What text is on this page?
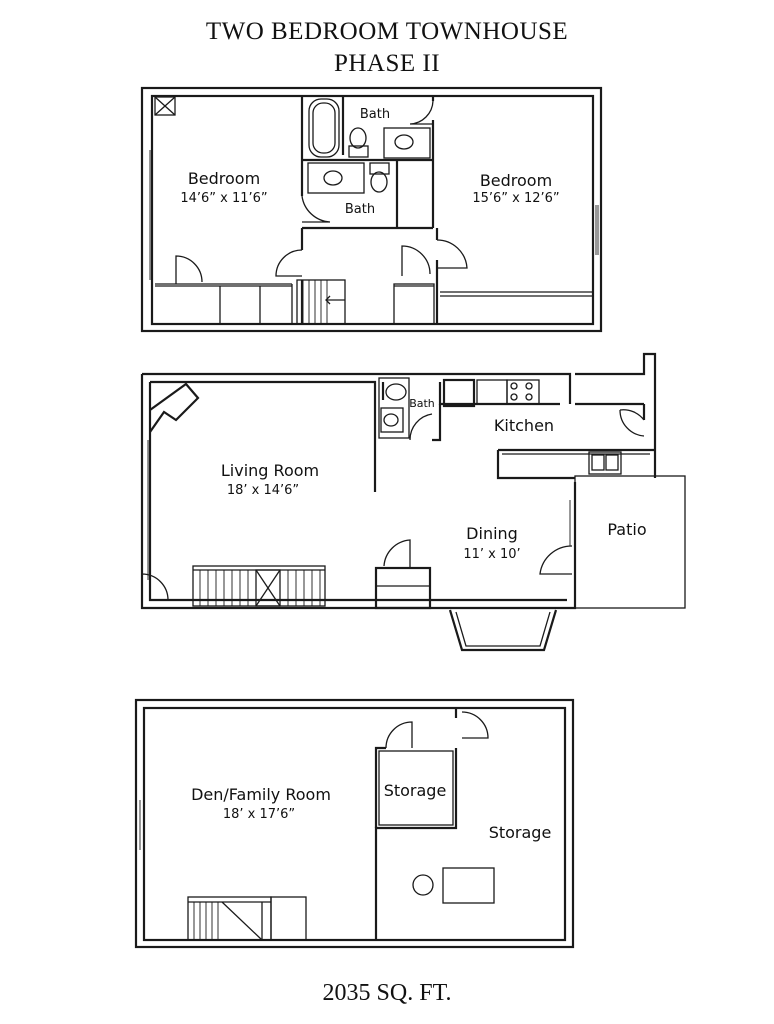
TWO BEDROOM TOWNHOUSE
PHASE II
Bedroom
14’6” x 11’6”
Bath
Bath
Bedroom
15’6” x 12’6”
Living Room
18’ x 14’6”
Bath
Kitchen
Dining
11’ x 10’
Patio
Den/Family Room
18’ x 17’6”
Storage
Storage
2035 SQ. FT.
